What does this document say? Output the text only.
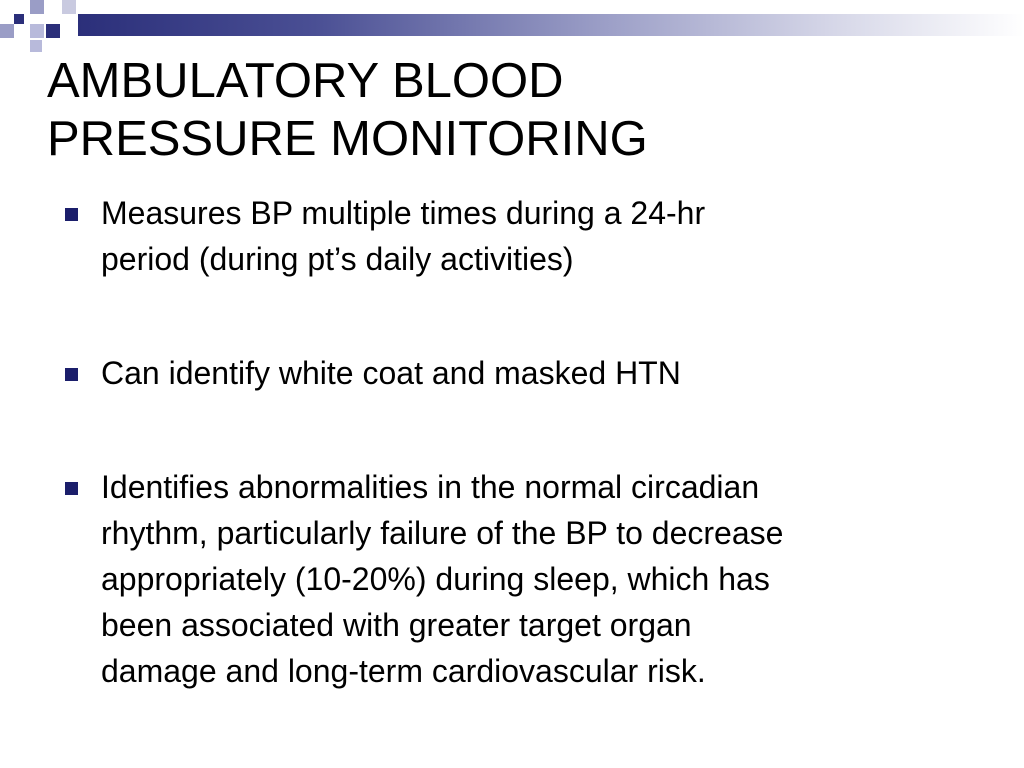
AMBULATORY BLOOD
PRESSURE MONITORING
Measures BP multiple times during a 24-hr
period (during pt’s daily activities)
Can identify white coat and masked HTN
Identifies abnormalities in the normal circadian
rhythm, particularly failure of the BP to decrease
appropriately (10-20%) during sleep, which has
been associated with greater target organ
damage and long-term cardiovascular risk.
